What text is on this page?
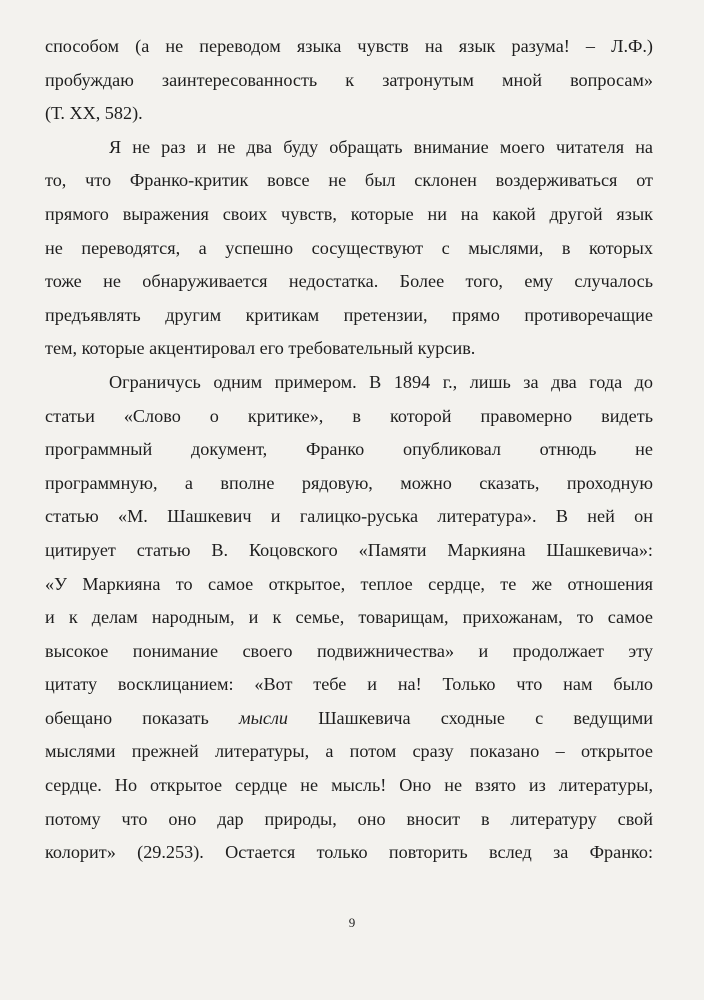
способом (а не переводом языка чувств на язык разума! – Л.Ф.)
пробуждаю заинтересованность к затронутым мной вопросам»
(Т. XX, 582).
Я не раз и не два буду обращать внимание моего читателя на
то, что Франко-критик вовсе не был склонен воздерживаться от
прямого выражения своих чувств, которые ни на какой другой язык
не переводятся, а успешно сосуществуют с мыслями, в которых
тоже не обнаруживается недостатка. Более того, ему случалось
предъявлять другим критикам претензии, прямо противоречащие
тем, которые акцентировал его требовательный курсив.
Ограничусь одним примером. В 1894 г., лишь за два года до
статьи «Слово о критике», в которой правомерно видеть
программный документ, Франко опубликовал отнюдь не
программную, а вполне рядовую, можно сказать, проходную
статью «М. Шашкевич и галицко-руська литература». В ней он
цитирует статью В. Коцовского «Памяти Маркияна Шашкевича»:
«У Маркияна то самое открытое, теплое сердце, те же отношения
и к делам народным, и к семье, товарищам, прихожанам, то самое
высокое понимание своего подвижничества» и продолжает эту
цитату восклицанием: «Вот тебе и на! Только что нам было
обещано показать мысли Шашкевича сходные с ведущими
мыслями прежней литературы, а потом сразу показано – открытое
сердце. Но открытое сердце не мысль! Оно не взято из литературы,
потому что оно дар природы, оно вносит в литературу свой
колорит» (29.253). Остается только повторить вслед за Франко:
9
